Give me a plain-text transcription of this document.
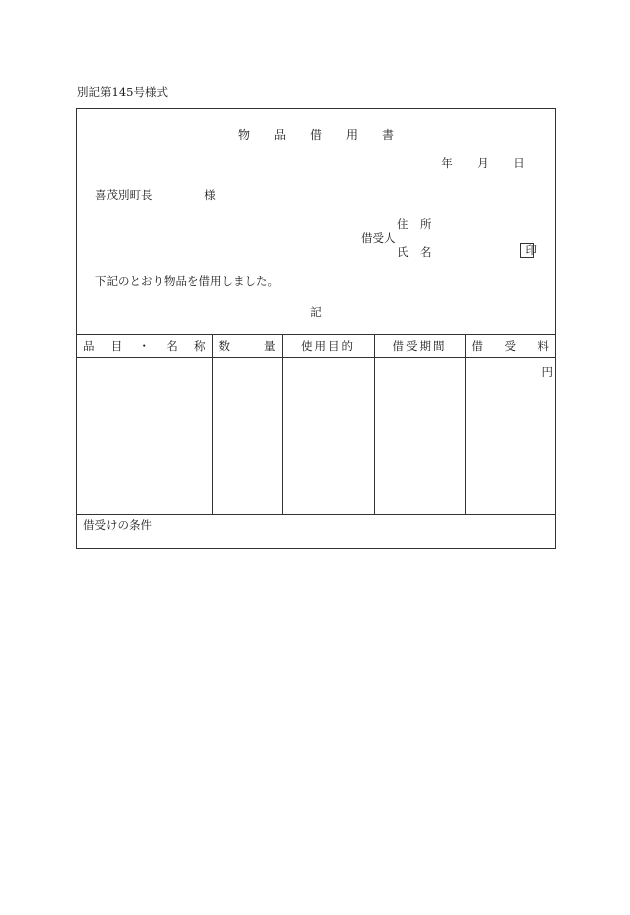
別記第145号様式
物	品	借	用	書
年	月	日
喜茂別町長	様
住　所
借受人
氏　名	印
下記のとおり物品を借用しました。
記
品 目 ・ 名 称	数 量	使用目的	借受期間	借 受 料

				円
借受けの条件
